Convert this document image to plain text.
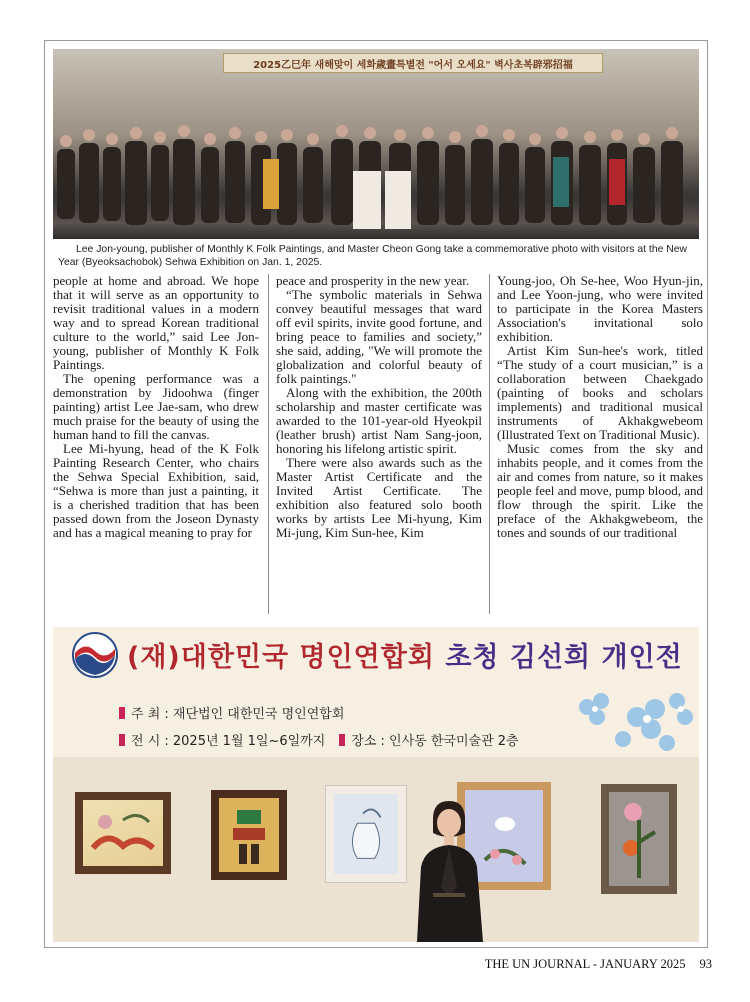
2025乙巳年 새해맞이 세화歲畫특별전 "어서 오세요" 벽사초복辟邪招福
Lee Jon-young, publisher of Monthly K Folk Paintings, and Master Cheon Gong take a commemorative photo with visitors at the New Year (Byeoksachobok) Sehwa Exhibition on Jan. 1, 2025.

people at home and abroad. We hope that it will serve as an opportunity to revisit traditional values in a modern way and to spread Korean traditional culture to the world,” said Lee Jon-young, publisher of Monthly K Folk Paintings.

The opening performance was a demonstration by Jidoohwa (finger painting) artist Lee Jae-sam, who drew much praise for the beauty of using the human hand to fill the canvas.

Lee Mi-hyung, head of the K Folk Painting Research Center, who chairs the Sehwa Special Exhibition, said, “Sehwa is more than just a painting, it is a cherished tradition that has been passed down from the Joseon Dynasty and has a magical meaning to pray for

peace and prosperity in the new year.

“The symbolic materials in Sehwa convey beautiful messages that ward off evil spirits, invite good fortune, and bring peace to families and society,” she said, adding, "We will promote the globalization and colorful beauty of folk paintings."

Along with the exhibition, the 200th scholarship and master certificate was awarded to the 101-year-old Hyeokpil (leather brush) artist Nam Sang-joon, honoring his lifelong artistic spirit.

There were also awards such as the Master Artist Certificate and the Invited Artist Certificate. The exhibition also featured solo booth works by artists Lee Mi-hyung, Kim Mi-jung, Kim Sun-hee, Kim

Young-joo, Oh Se-hee, Woo Hyun-jin, and Lee Yoon-jung, who were invited to participate in the Korea Masters Association's invitational solo exhibition.

Artist Kim Sun-hee's work, titled “The study of a court musician,” is a collaboration between Chaekgado (painting of books and scholars implements) and traditional musical instruments of Akhakgwebeom (Illustrated Text on Traditional Music).

Music comes from the sky and inhabits people, and it comes from the air and comes from nature, so it makes people feel and move, pump blood, and flow through the spirit. Like the preface of the Akhakgwebeom, the tones and sounds of our traditional

(재)대한민국 명인연합회 초청 김선희 개인전
주 최 : 재단법인 대한민국 명인연합회
전 시 : 2025년 1월 1일~6일까지 장소 : 인사동 한국미술관 2층
THE UN JOURNAL - JANUARY 2025 93
